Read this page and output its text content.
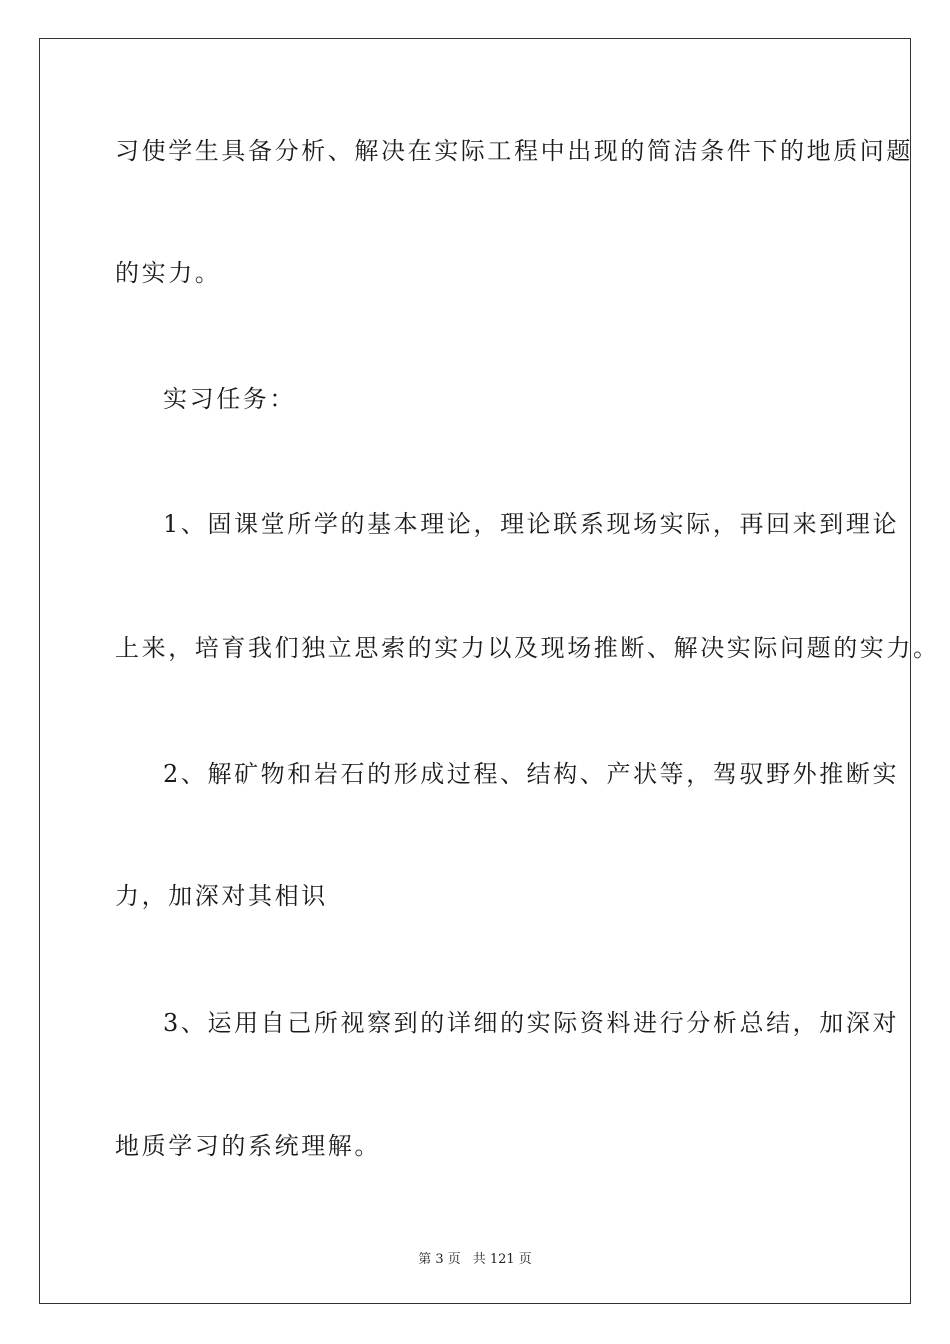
习使学生具备分析、解决在实际工程中出现的简洁条件下的地质问题
的实力。
实习任务：
1、固课堂所学的基本理论，理论联系现场实际，再回来到理论
上来，培育我们独立思索的实力以及现场推断、解决实际问题的实力。
2、解矿物和岩石的形成过程、结构、产状等，驾驭野外推断实
力，加深对其相识
3、运用自己所视察到的详细的实际资料进行分析总结，加深对
地质学习的系统理解。
第 3 页 共 121 页
